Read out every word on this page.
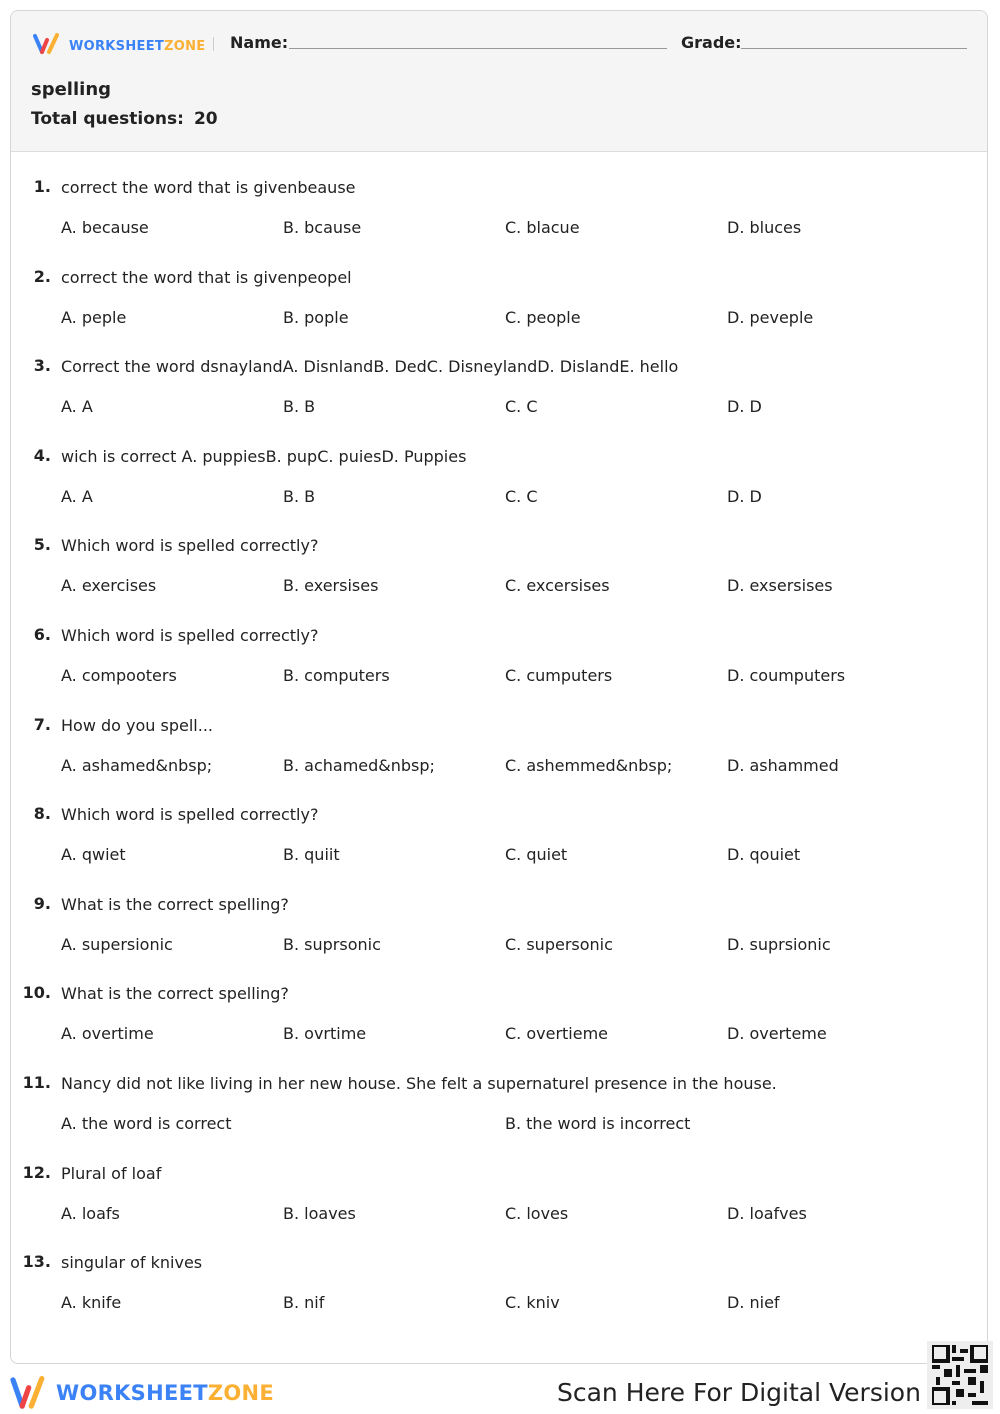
WORKSHEETZONE Name:	Grade:
spelling
Total questions: 20
1. correct the word that is givenbeause
A. because	B. bcause	C. blacue	D. bluces
2. correct the word that is givenpeopel
A. peple	B. pople	C. people	D. peveple
3. Correct the word dsnaylandA. DisnlandB. DedC. DisneylandD. DislandE. hello
A. A	B. B	C. C	D. D
4. wich is correct A. puppiesB. pupC. puiesD. Puppies
A. A	B. B	C. C	D. D
5. Which word is spelled correctly?
A. exercises	B. exersises	C. excersises	D. exsersises
6. Which word is spelled correctly?
A. compooters	B. computers	C. cumputers	D. coumputers
7. How do you spell...
A. ashamed&nbsp;	B. achamed&nbsp;	C. ashemmed&nbsp;	D. ashammed
8. Which word is spelled correctly?
A. qwiet	B. quiit	C. quiet	D. qouiet
9. What is the correct spelling?
A. supersionic	B. suprsonic	C. supersonic	D. suprsionic
10. What is the correct spelling?
A. overtime	B. ovrtime	C. overtieme	D. overteme
11. Nancy did not like living in her new house. She felt a supernaturel presence in the house.
A. the word is correct	B. the word is incorrect
12. Plural of loaf
A. loafs	B. loaves	C. loves	D. loafves
13. singular of knives
A. knife	B. nif	C. kniv	D. nief
WORKSHEETZONE	Scan Here For Digital Version
